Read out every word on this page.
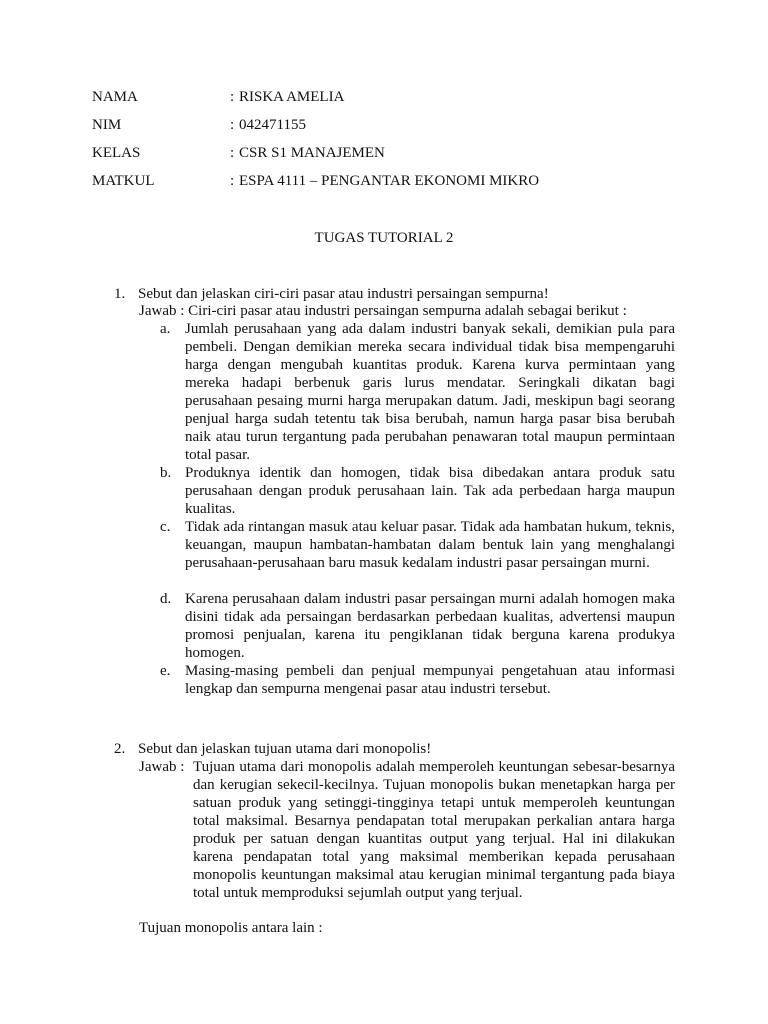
NAMA	: RISKA AMELIA
NIM	: 042471155
KELAS	: CSR S1 MANAJEMEN
MATKUL	: ESPA 4111 – PENGANTAR EKONOMI MIKRO
TUGAS TUTORIAL 2
1. Sebut dan jelaskan ciri-ciri pasar atau industri persaingan sempurna!
Jawab : Ciri-ciri pasar atau industri persaingan sempurna adalah sebagai berikut :
a. Jumlah perusahaan yang ada dalam industri banyak sekali, demikian pula para pembeli. Dengan demikian mereka secara individual tidak bisa mempengaruhi harga dengan mengubah kuantitas produk. Karena kurva permintaan yang mereka hadapi berbenuk garis lurus mendatar. Seringkali dikatan bagi perusahaan pesaing murni harga merupakan datum. Jadi, meskipun bagi seorang penjual harga sudah tetentu tak bisa berubah, namun harga pasar bisa berubah naik atau turun tergantung pada perubahan penawaran total maupun permintaan total pasar.
b. Produknya identik dan homogen, tidak bisa dibedakan antara produk satu perusahaan dengan produk perusahaan lain. Tak ada perbedaan harga maupun kualitas.
c. Tidak ada rintangan masuk atau keluar pasar. Tidak ada hambatan hukum, teknis, keuangan, maupun hambatan-hambatan dalam bentuk lain yang menghalangi perusahaan-perusahaan baru masuk kedalam industri pasar persaingan murni.
d. Karena perusahaan dalam industri pasar persaingan murni adalah homogen maka disini tidak ada persaingan berdasarkan perbedaan kualitas, advertensi maupun promosi penjualan, karena itu pengiklanan tidak berguna karena produkya homogen.
e. Masing-masing pembeli dan penjual mempunyai pengetahuan atau informasi lengkap dan sempurna mengenai pasar atau industri tersebut.
2. Sebut dan jelaskan tujuan utama dari monopolis!
Jawab : Tujuan utama dari monopolis adalah memperoleh keuntungan sebesar-besarnya dan kerugian sekecil-kecilnya. Tujuan monopolis bukan menetapkan harga per satuan produk yang setinggi-tingginya tetapi untuk memperoleh keuntungan total maksimal. Besarnya pendapatan total merupakan perkalian antara harga produk per satuan dengan kuantitas output yang terjual. Hal ini dilakukan karena pendapatan total yang maksimal memberikan kepada perusahaan monopolis keuntungan maksimal atau kerugian minimal tergantung pada biaya total untuk memproduksi sejumlah output yang terjual.
Tujuan monopolis antara lain :
